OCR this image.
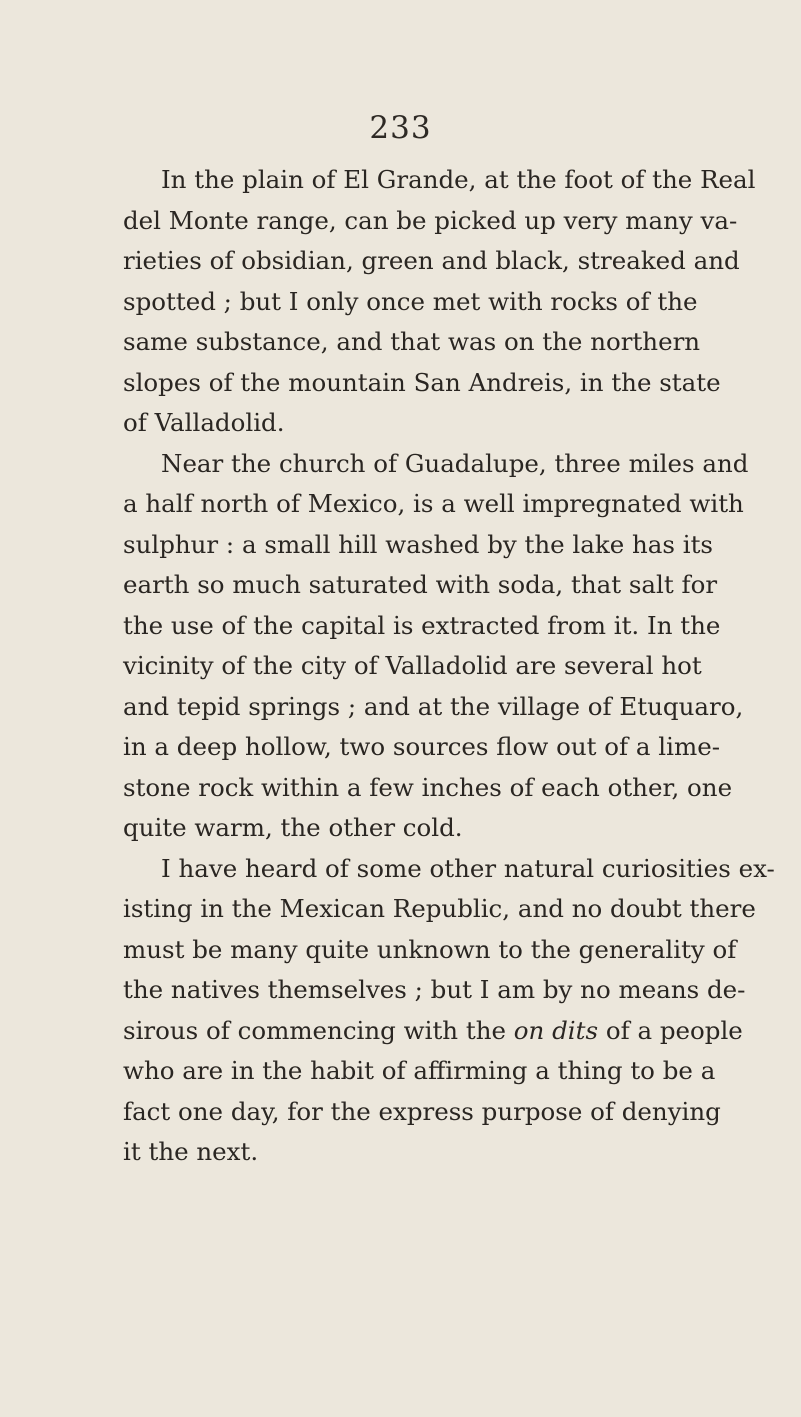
233
In the plain of El Grande, at the foot of the Real
del Monte range, can be picked up very many va-
rieties of obsidian, green and black, streaked and
spotted ; but I only once met with rocks of the
same substance, and that was on the northern
slopes of the mountain San Andreis, in the state
of Valladolid.
Near the church of Guadalupe, three miles and
a half north of Mexico, is a well impregnated with
sulphur : a small hill washed by the lake has its
earth so much saturated with soda, that salt for
the use of the capital is extracted from it. In the
vicinity of the city of Valladolid are several hot
and tepid springs ; and at the village of Etuquaro,
in a deep hollow, two sources flow out of a lime-
stone rock within a few inches of each other, one
quite warm, the other cold.
I have heard of some other natural curiosities ex-
isting in the Mexican Republic, and no doubt there
must be many quite unknown to the generality of
the natives themselves ; but I am by no means de-
sirous of commencing with the on dits of a people
who are in the habit of affirming a thing to be a
fact one day, for the express purpose of denying
it the next.
